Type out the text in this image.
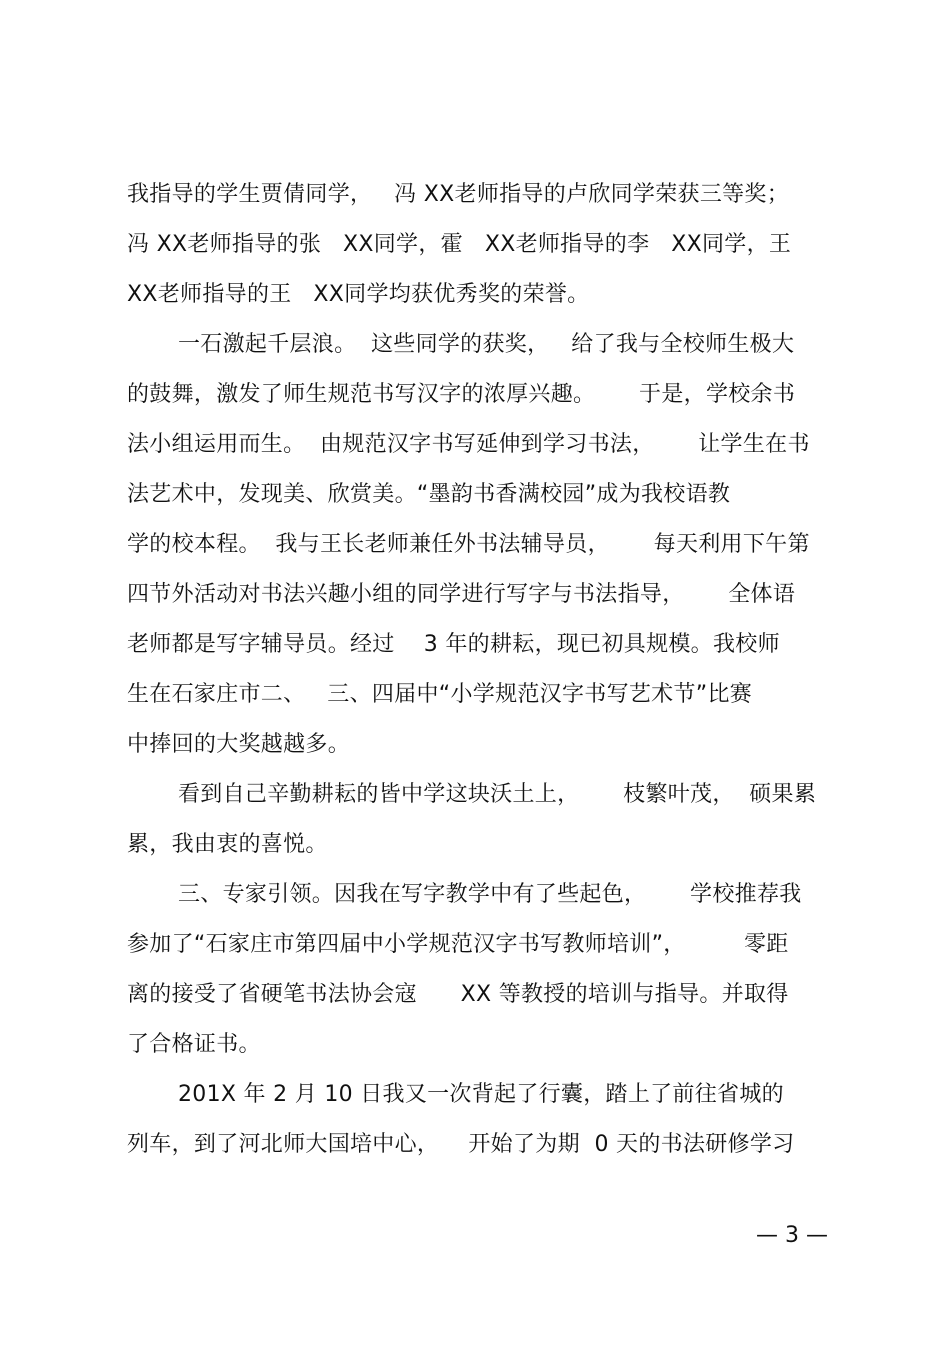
我指导的学生贾倩同学，   冯 XX老师指导的卢欣同学荣获三等奖；
冯 XX老师指导的张   XX同学，霍   XX老师指导的李   XX同学，王
XX老师指导的王   XX同学均获优秀奖的荣誉。
一石激起千层浪。  这些同学的获奖，   给了我与全校师生极大
的鼓舞，激发了师生规范书写汉字的浓厚兴趣。      于是，学校余书
法小组运用而生。  由规范汉字书写延伸到学习书法，      让学生在书
法艺术中，发现美、欣赏美。“墨韵书香满校园”成为我校语教
学的校本程。  我与王长老师兼任外书法辅导员，      每天利用下午第
四节外活动对书法兴趣小组的同学进行写字与书法指导，      全体语
老师都是写字辅导员。经过    3 年的耕耘，现已初具规模。我校师
生在石家庄市二、   三、四届中“小学规范汉字书写艺术节”比赛
中捧回的大奖越越多。
看到自己辛勤耕耘的皆中学这块沃土上，      枝繁叶茂，  硕果累
累，我由衷的喜悦。
三、专家引领。因我在写字教学中有了些起色，      学校推荐我
参加了“石家庄市第四届中小学规范汉字书写教师培训”，        零距
离的接受了省硬笔书法协会寇      XX 等教授的培训与指导。并取得
了合格证书。
201X 年 2 月 10 日我又一次背起了行囊，踏上了前往省城的
列车，到了河北师大国培中心，    开始了为期  0 天的书法研修学习
— 3 —
